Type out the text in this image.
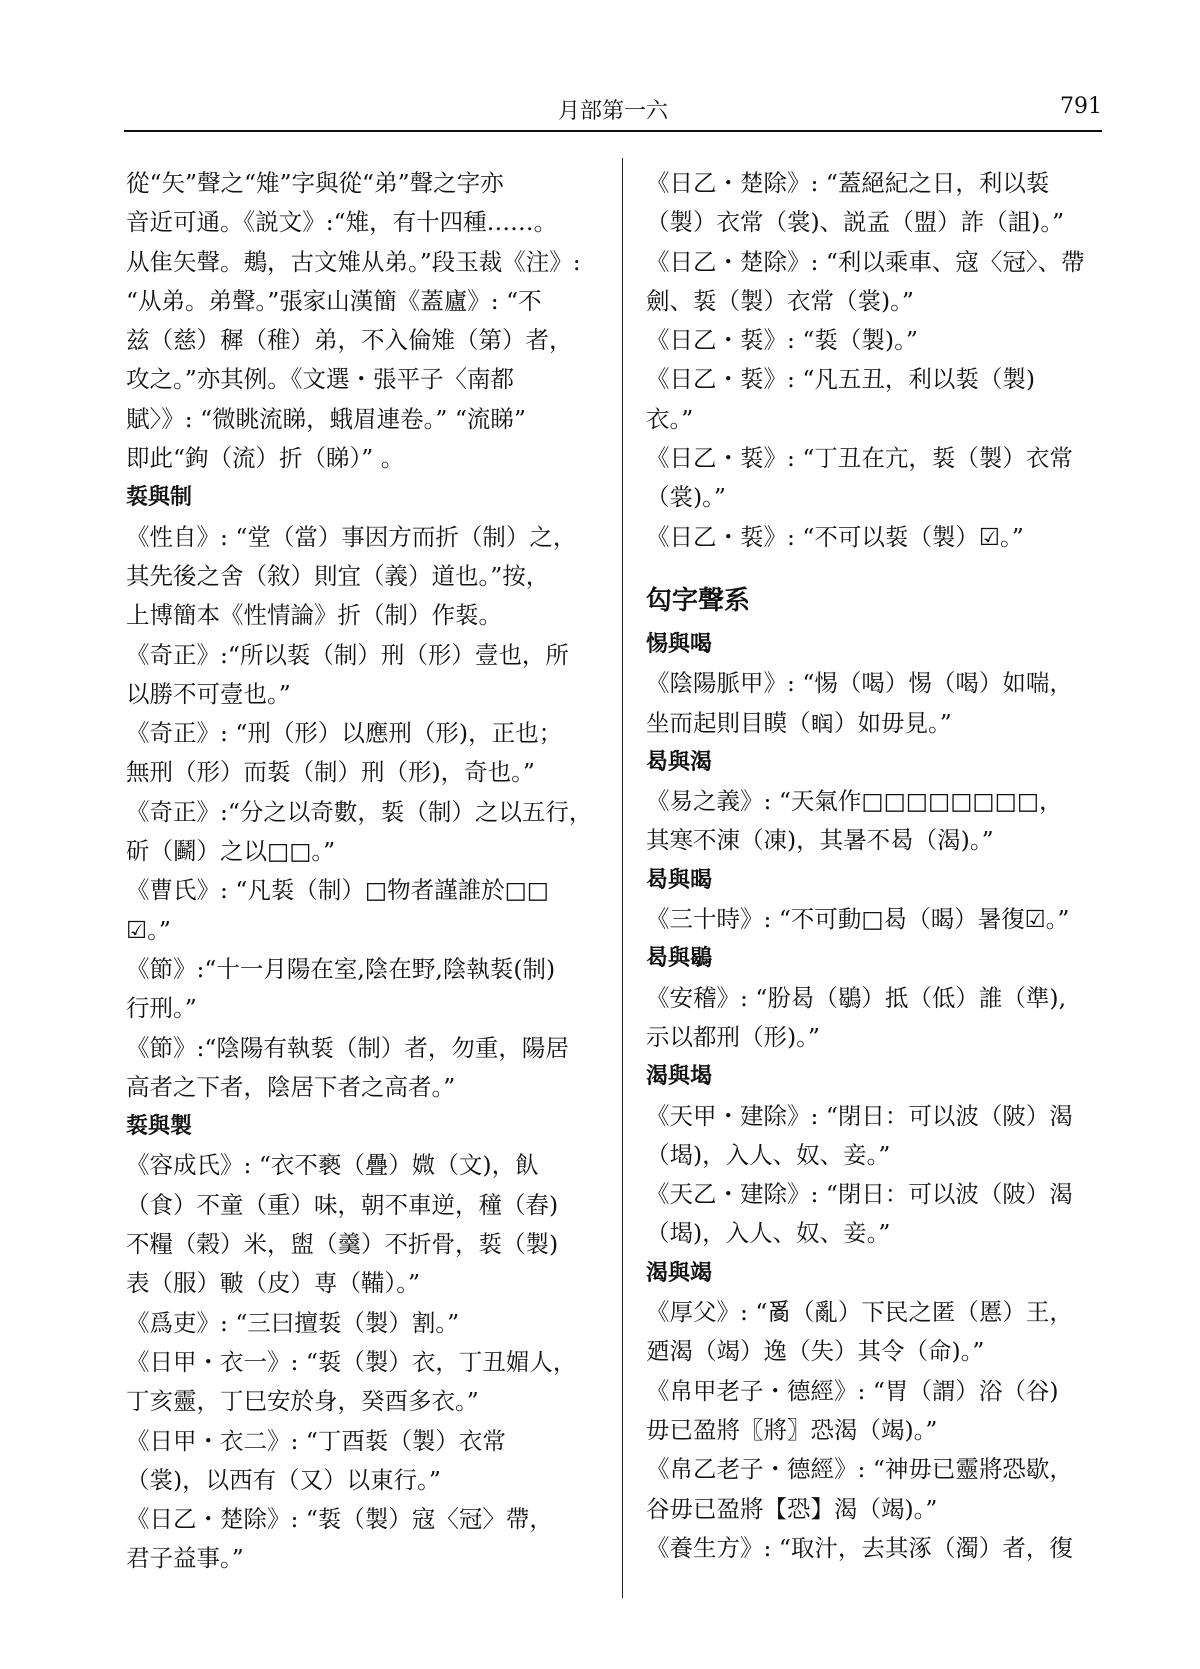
月部第一六	791
從“矢”聲之“雉”字與從“弟”聲之字亦
音近可通。《説文》:“雉，有十四種……。
从隹矢聲。鴺，古文雉从弟。”段玉裁《注》:
“从弟。弟聲。”張家山漢簡《蓋廬》: “不
兹（慈）穉（稚）弟，不入倫雉（第）者，
攻之。”亦其例。《文選・張平子〈南都
賦〉》: “微眺流睇，蛾眉連卷。” “流睇”
即此“鉤（流）折（睇）” 。
裚與制
《性自》: “堂（當）事因方而折（制）之，
其先後之舍（敘）則宜（義）道也。”按，
上博簡本《性情論》折（制）作裚。
《奇正》:“所以裚（制）刑（形）壹也，所
以勝不可壹也。”
《奇正》: “刑（形）以應刑（形)，正也；
無刑（形）而裚（制）刑（形)，奇也。”
《奇正》:“分之以奇數，裚（制）之以五行，
斫（鬬）之以□□。”
《曹氏》: “凡裚（制）□物者謹誰於□□
☑。”
《節》:“十一月陽在室,陰在野,陰執裚(制)
行刑。”
《節》:“陰陽有執裚（制）者，勿重，陽居
高者之下者，陰居下者之高者。”
裚與製
《容成氏》: “衣不褻（疊）媺（文)，飤
（食）不童（重）味，朝不車逆，穜（舂)
不糧（榖）米，盥（羹）不折骨，裚（製)
表（服）皸（皮）専（鞴）。”
《爲吏》: “三曰擅裚（製）割。”
《日甲・衣一》: “裚（製）衣，丁丑媚人，
丁亥靈，丁巳安於身，癸酉多衣。”
《日甲・衣二》: “丁酉裚（製）衣常
（裳)，以西有（又）以東行。”
《日乙・楚除》: “裚（製）寇〈冠〉帶，
君子益事。”
《日乙・楚除》: “蓋絕紀之日，利以裚
（製）衣常（裳)、説孟（盟）詐（詛)。”
《日乙・楚除》: “利以乘車、寇〈冠〉、帶
劍、裚（製）衣常（裳)。”
《日乙・裚》: “裚（製)。”
《日乙・裚》: “凡五丑，利以裚（製)
衣。”
《日乙・裚》: “丁丑在亢，裚（製）衣常
（裳)。”
《日乙・裚》: “不可以裚（製）☑。”
匃字聲系
惕與喝
《陰陽脈甲》: “惕（喝）惕（喝）如喘，
坐而起則目瞙（𥆧）如毋見。”
曷與渴
《易之義》: “天氣作□□□□□□□□，
其寒不涷（凍)，其暑不曷（渴)。”
曷與暍
《三十時》: “不可動□曷（暍）暑復☑。”
曷與鶡
《安稽》: “肦曷（鶡）抵（低）誰（準),
示以都刑（形)。”
渴與堨
《天甲・建除》: “閉日：可以波（陂）渴
（堨)，入人、奴、妾。”
《天乙・建除》: “閉日：可以波（陂）渴
（堨)，入人、奴、妾。”
渴與竭
《厚父》: “𤔔（亂）下民之匿（慝）王，
廼渴（竭）逸（失）其令（命)。”
《帛甲老子・德經》: “胃（謂）浴（谷)
毋已盈將〖將〗恐渴（竭)。”
《帛乙老子・德經》: “神毋已靈將恐歇，
谷毋已盈將【恐】渴（竭)。”
《養生方》: “取汁，去其涿（濁）者，復
